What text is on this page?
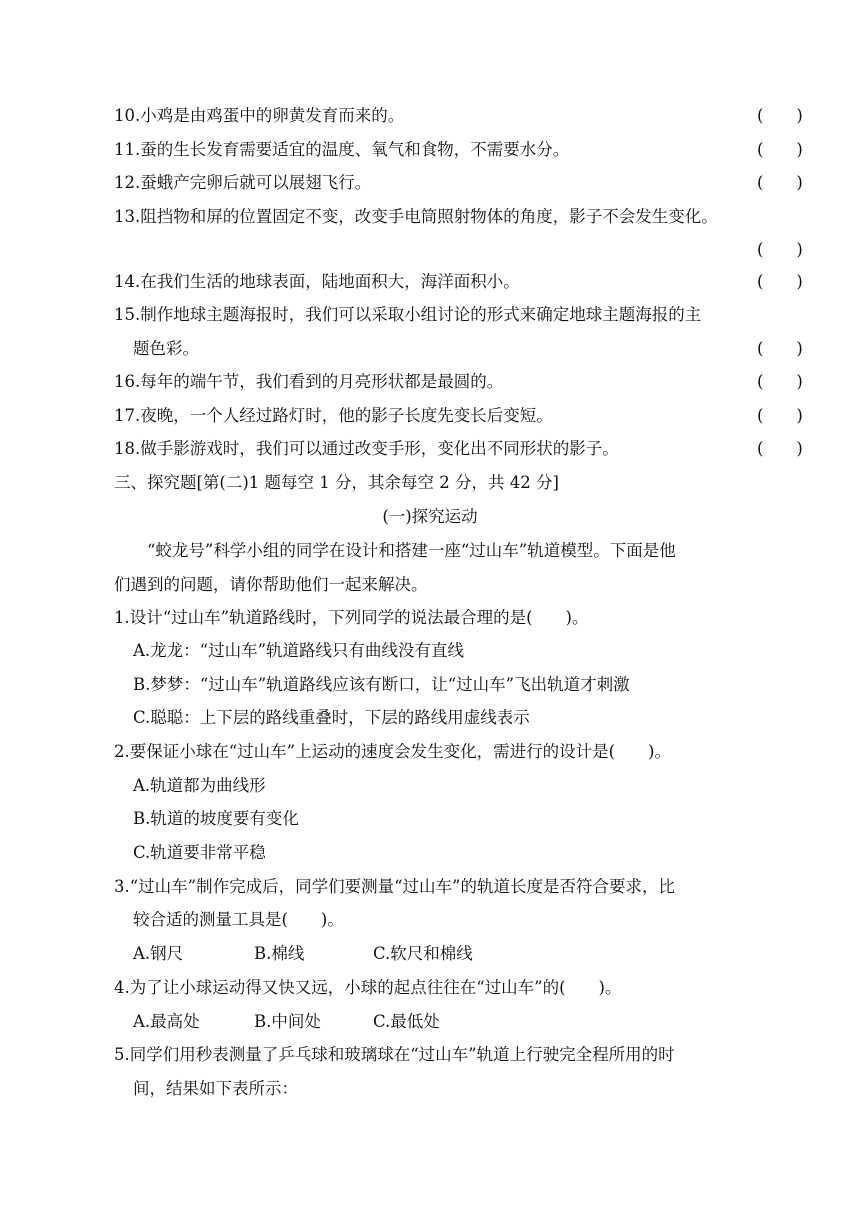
10.小鸡是由鸡蛋中的卵黄发育而来的。	(　　)
11.蚕的生长发育需要适宜的温度、氧气和食物，不需要水分。	(　　)
12.蚕蛾产完卵后就可以展翅飞行。	(　　)
13.阻挡物和屏的位置固定不变，改变手电筒照射物体的角度，影子不会发生变化。
(　　)
14.在我们生活的地球表面，陆地面积大，海洋面积小。	(　　)
15.制作地球主题海报时，我们可以采取小组讨论的形式来确定地球主题海报的主
题色彩。	(　　)
16.每年的端午节，我们看到的月亮形状都是最圆的。	(　　)
17.夜晚，一个人经过路灯时，他的影子长度先变长后变短。	(　　)
18.做手影游戏时，我们可以通过改变手形，变化出不同形状的影子。	(　　)
三、探究题[第(二)1 题每空 1 分，其余每空 2 分，共 42 分]
(一)探究运动
“蛟龙号”科学小组的同学在设计和搭建一座“过山车”轨道模型。下面是他
们遇到的问题，请你帮助他们一起来解决。
1.设计“过山车”轨道路线时，下列同学的说法最合理的是(　　)。
A.龙龙：“过山车”轨道路线只有曲线没有直线
B.梦梦：“过山车”轨道路线应该有断口，让“过山车”飞出轨道才刺激
C.聪聪：上下层的路线重叠时，下层的路线用虚线表示
2.要保证小球在“过山车”上运动的速度会发生变化，需进行的设计是(　　)。
A.轨道都为曲线形
B.轨道的坡度要有变化
C.轨道要非常平稳
3.“过山车”制作完成后，同学们要测量“过山车”的轨道长度是否符合要求，比
较合适的测量工具是(　　)。
A.钢尺	B.棉线	C.软尺和棉线
4.为了让小球运动得又快又远，小球的起点往往在“过山车”的(　　)。
A.最高处	B.中间处	C.最低处
5.同学们用秒表测量了乒乓球和玻璃球在“过山车”轨道上行驶完全程所用的时
间，结果如下表所示：
